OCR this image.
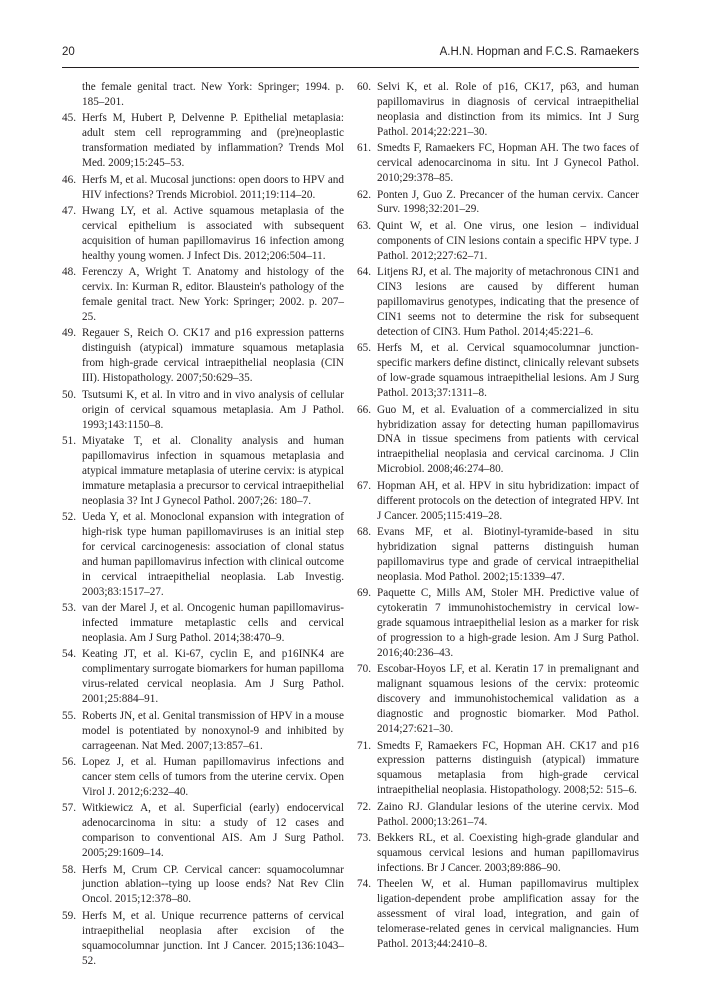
20	A.H.N. Hopman and F.C.S. Ramaekers
the female genital tract. New York: Springer; 1994. p. 185–201.
45. Herfs M, Hubert P, Delvenne P. Epithelial metaplasia: adult stem cell reprogramming and (pre)neoplastic transformation mediated by inflammation? Trends Mol Med. 2009;15:245–53.
46. Herfs M, et al. Mucosal junctions: open doors to HPV and HIV infections? Trends Microbiol. 2011;19:114–20.
47. Hwang LY, et al. Active squamous metaplasia of the cervical epithelium is associated with subsequent acquisition of human papillomavirus 16 infection among healthy young women. J Infect Dis. 2012;206:504–11.
48. Ferenczy A, Wright T. Anatomy and histology of the cervix. In: Kurman R, editor. Blaustein's pathology of the female genital tract. New York: Springer; 2002. p. 207–25.
49. Regauer S, Reich O. CK17 and p16 expression patterns distinguish (atypical) immature squamous metaplasia from high-grade cervical intraepithelial neoplasia (CIN III). Histopathology. 2007;50:629–35.
50. Tsutsumi K, et al. In vitro and in vivo analysis of cellular origin of cervical squamous metaplasia. Am J Pathol. 1993;143:1150–8.
51. Miyatake T, et al. Clonality analysis and human papillomavirus infection in squamous metaplasia and atypical immature metaplasia of uterine cervix: is atypical immature metaplasia a precursor to cervical intraepithelial neoplasia 3? Int J Gynecol Pathol. 2007;26: 180–7.
52. Ueda Y, et al. Monoclonal expansion with integration of high-risk type human papillomaviruses is an initial step for cervical carcinogenesis: association of clonal status and human papillomavirus infection with clinical outcome in cervical intraepithelial neoplasia. Lab Investig. 2003;83:1517–27.
53. van der Marel J, et al. Oncogenic human papillomavirus-infected immature metaplastic cells and cervical neoplasia. Am J Surg Pathol. 2014;38:470–9.
54. Keating JT, et al. Ki-67, cyclin E, and p16INK4 are complimentary surrogate biomarkers for human papilloma virus-related cervical neoplasia. Am J Surg Pathol. 2001;25:884–91.
55. Roberts JN, et al. Genital transmission of HPV in a mouse model is potentiated by nonoxynol-9 and inhibited by carrageenan. Nat Med. 2007;13:857–61.
56. Lopez J, et al. Human papillomavirus infections and cancer stem cells of tumors from the uterine cervix. Open Virol J. 2012;6:232–40.
57. Witkiewicz A, et al. Superficial (early) endocervical adenocarcinoma in situ: a study of 12 cases and comparison to conventional AIS. Am J Surg Pathol. 2005;29:1609–14.
58. Herfs M, Crum CP. Cervical cancer: squamocolumnar junction ablation--tying up loose ends? Nat Rev Clin Oncol. 2015;12:378–80.
59. Herfs M, et al. Unique recurrence patterns of cervical intraepithelial neoplasia after excision of the squamocolumnar junction. Int J Cancer. 2015;136:1043–52.
60. Selvi K, et al. Role of p16, CK17, p63, and human papillomavirus in diagnosis of cervical intraepithelial neoplasia and distinction from its mimics. Int J Surg Pathol. 2014;22:221–30.
61. Smedts F, Ramaekers FC, Hopman AH. The two faces of cervical adenocarcinoma in situ. Int J Gynecol Pathol. 2010;29:378–85.
62. Ponten J, Guo Z. Precancer of the human cervix. Cancer Surv. 1998;32:201–29.
63. Quint W, et al. One virus, one lesion – individual components of CIN lesions contain a specific HPV type. J Pathol. 2012;227:62–71.
64. Litjens RJ, et al. The majority of metachronous CIN1 and CIN3 lesions are caused by different human papillomavirus genotypes, indicating that the presence of CIN1 seems not to determine the risk for subsequent detection of CIN3. Hum Pathol. 2014;45:221–6.
65. Herfs M, et al. Cervical squamocolumnar junction-specific markers define distinct, clinically relevant subsets of low-grade squamous intraepithelial lesions. Am J Surg Pathol. 2013;37:1311–8.
66. Guo M, et al. Evaluation of a commercialized in situ hybridization assay for detecting human papillomavirus DNA in tissue specimens from patients with cervical intraepithelial neoplasia and cervical carcinoma. J Clin Microbiol. 2008;46:274–80.
67. Hopman AH, et al. HPV in situ hybridization: impact of different protocols on the detection of integrated HPV. Int J Cancer. 2005;115:419–28.
68. Evans MF, et al. Biotinyl-tyramide-based in situ hybridization signal patterns distinguish human papillomavirus type and grade of cervical intraepithelial neoplasia. Mod Pathol. 2002;15:1339–47.
69. Paquette C, Mills AM, Stoler MH. Predictive value of cytokeratin 7 immunohistochemistry in cervical low-grade squamous intraepithelial lesion as a marker for risk of progression to a high-grade lesion. Am J Surg Pathol. 2016;40:236–43.
70. Escobar-Hoyos LF, et al. Keratin 17 in premalignant and malignant squamous lesions of the cervix: proteomic discovery and immunohistochemical validation as a diagnostic and prognostic biomarker. Mod Pathol. 2014;27:621–30.
71. Smedts F, Ramaekers FC, Hopman AH. CK17 and p16 expression patterns distinguish (atypical) immature squamous metaplasia from high-grade cervical intraepithelial neoplasia. Histopathology. 2008;52: 515–6.
72. Zaino RJ. Glandular lesions of the uterine cervix. Mod Pathol. 2000;13:261–74.
73. Bekkers RL, et al. Coexisting high-grade glandular and squamous cervical lesions and human papillomavirus infections. Br J Cancer. 2003;89:886–90.
74. Theelen W, et al. Human papillomavirus multiplex ligation-dependent probe amplification assay for the assessment of viral load, integration, and gain of telomerase-related genes in cervical malignancies. Hum Pathol. 2013;44:2410–8.
